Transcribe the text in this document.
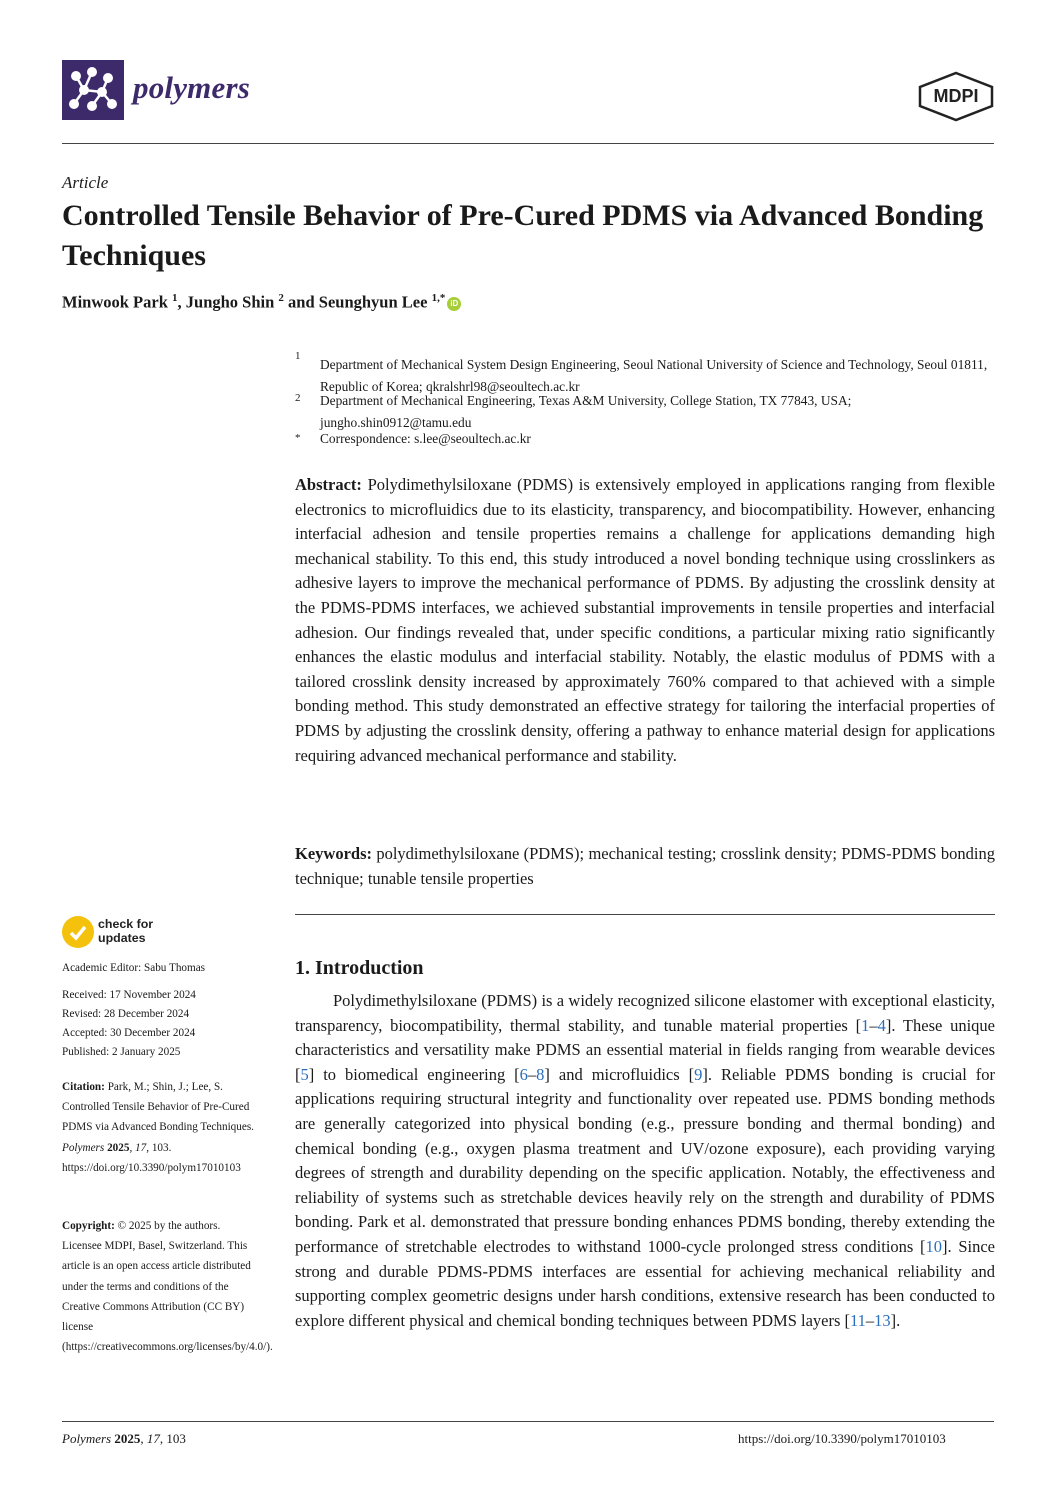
polymers	MDPI
Article
Controlled Tensile Behavior of Pre-Cured PDMS via Advanced Bonding Techniques
Minwook Park $^1$, Jungho Shin $^2$ and Seunghyun Lee $^{1,*}$ iD
1
Department of Mechanical System Design Engineering, Seoul National University of Science and Technology, Seoul 01811, Republic of Korea; qkralshrl98@seoultech.ac.kr
2 Department of Mechanical Engineering, Texas A&M University, College Station, TX 77843, USA; jungho.shin0912@tamu.edu
* Correspondence: s.lee@seoultech.ac.kr

Abstract: Polydimethylsiloxane (PDMS) is extensively employed in applications ranging from flexible electronics to microfluidics due to its elasticity, transparency, and biocompatibility. However, enhancing interfacial adhesion and tensile properties remains a challenge for applications demanding high mechanical stability. To this end, this study introduced a novel bonding technique using crosslinkers as adhesive layers to improve the mechanical performance of PDMS. By adjusting the crosslink density at the PDMS-PDMS interfaces, we achieved substantial improvements in tensile properties and interfacial adhesion. Our findings revealed that, under specific conditions, a particular mixing ratio significantly enhances the elastic modulus and interfacial stability. Notably, the elastic modulus of PDMS with a tailored crosslink density increased by approximately 760% compared to that achieved with a simple bonding method. This study demonstrated an effective strategy for tailoring the interfacial properties of PDMS by adjusting the crosslink density, offering a pathway to enhance material design for applications requiring advanced mechanical performance and stability.

Keywords: polydimethylsiloxane (PDMS); mechanical testing; crosslink density; PDMS-PDMS bonding technique; tunable tensile properties

check for
updates
Academic Editor: Sabu Thomas
Received: 17 November 2024
Revised: 28 December 2024
Accepted: 30 December 2024
Published: 2 January 2025
Citation: Park, M.; Shin, J.; Lee, S. Controlled Tensile Behavior of Pre-Cured PDMS via Advanced Bonding Techniques. Polymers 2025, 17, 103. https://doi.org/10.3390/polym17010103
Copyright: © 2025 by the authors. Licensee MDPI, Basel, Switzerland. This article is an open access article distributed under the terms and conditions of the Creative Commons Attribution (CC BY) license (https://creativecommons.org/licenses/by/4.0/).
1. Introduction

Polydimethylsiloxane (PDMS) is a widely recognized silicone elastomer with exceptional elasticity, transparency, biocompatibility, thermal stability, and tunable material properties [1–4]. These unique characteristics and versatility make PDMS an essential material in fields ranging from wearable devices [5] to biomedical engineering [6–8] and microfluidics [9]. Reliable PDMS bonding is crucial for applications requiring structural integrity and functionality over repeated use. PDMS bonding methods are generally categorized into physical bonding (e.g., pressure bonding and thermal bonding) and chemical bonding (e.g., oxygen plasma treatment and UV/ozone exposure), each providing varying degrees of strength and durability depending on the specific application. Notably, the effectiveness and reliability of systems such as stretchable devices heavily rely on the strength and durability of PDMS bonding. Park et al. demonstrated that pressure bonding enhances PDMS bonding, thereby extending the performance of stretchable electrodes to withstand 1000-cycle prolonged stress conditions [10]. Since strong and durable PDMS-PDMS interfaces are essential for achieving mechanical reliability and supporting complex geometric designs under harsh conditions, extensive research has been conducted to explore different physical and chemical bonding techniques between PDMS layers [11–13].

Polymers 2025, 17, 103	https://doi.org/10.3390/polym17010103
